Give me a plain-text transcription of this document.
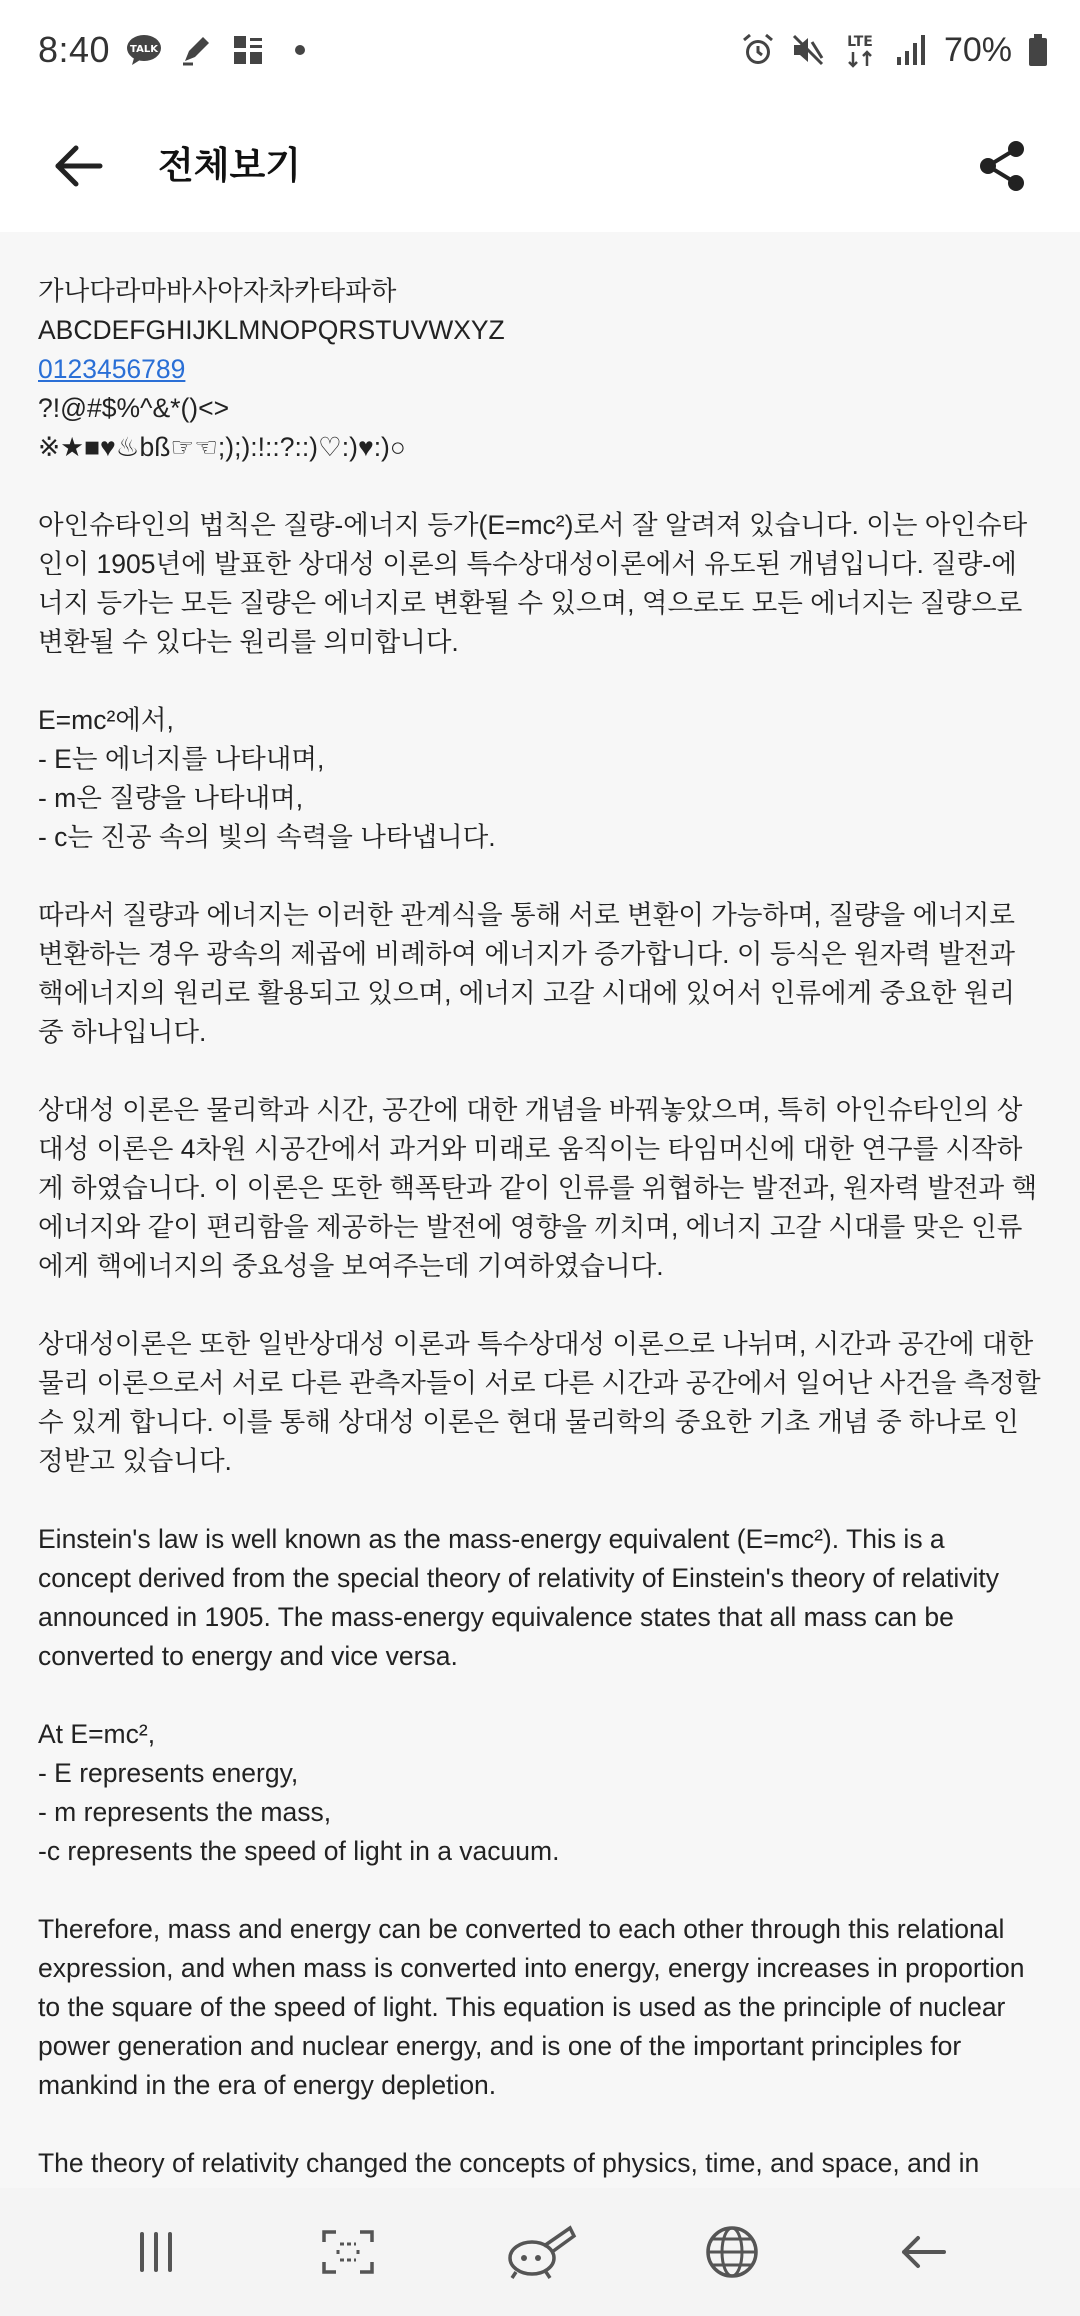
8:40 TALK	LTE 70%
전체보기
가나다라마바사아자차카타파하
ABCDEFGHIJKLMNOPQRSTUVWXYZ
0123456789
?!@#$%^&*()<>
※★■♥♨bß☞☜;);):!::?::)♡:)♥:)○

아인슈타인의 법칙은 질량-에너지 등가(E=mc²)로서 잘 알려져 있습니다. 이는 아인슈타인이 1905년에 발표한 상대성 이론의 특수상대성이론에서 유도된 개념입니다. 질량-에너지 등가는 모든 질량은 에너지로 변환될 수 있으며, 역으로도 모든 에너지는 질량으로 변환될 수 있다는 원리를 의미합니다.

E=mc²에서,
- E는 에너지를 나타내며,
- m은 질량을 나타내며,
- c는 진공 속의 빛의 속력을 나타냅니다.

따라서 질량과 에너지는 이러한 관계식을 통해 서로 변환이 가능하며, 질량을 에너지로 변환하는 경우 광속의 제곱에 비례하여 에너지가 증가합니다. 이 등식은 원자력 발전과 핵에너지의 원리로 활용되고 있으며, 에너지 고갈 시대에 있어서 인류에게 중요한 원리 중 하나입니다.

상대성 이론은 물리학과 시간, 공간에 대한 개념을 바꿔놓았으며, 특히 아인슈타인의 상대성 이론은 4차원 시공간에서 과거와 미래로 움직이는 타임머신에 대한 연구를 시작하게 하였습니다. 이 이론은 또한 핵폭탄과 같이 인류를 위협하는 발전과, 원자력 발전과 핵에너지와 같이 편리함을 제공하는 발전에 영향을 끼치며, 에너지 고갈 시대를 맞은 인류에게 핵에너지의 중요성을 보여주는데 기여하였습니다.

상대성이론은 또한 일반상대성 이론과 특수상대성 이론으로 나뉘며, 시간과 공간에 대한 물리 이론으로서 서로 다른 관측자들이 서로 다른 시간과 공간에서 일어난 사건을 측정할 수 있게 합니다. 이를 통해 상대성 이론은 현대 물리학의 중요한 기초 개념 중 하나로 인정받고 있습니다.

Einstein's law is well known as the mass-energy equivalent (E=mc²). This is a concept derived from the special theory of relativity of Einstein's theory of relativity announced in 1905. The mass-energy equivalence states that all mass can be converted to energy and vice versa.

At E=mc²,
- E represents energy,
- m represents the mass,
-c represents the speed of light in a vacuum.

Therefore, mass and energy can be converted to each other through this relational expression, and when mass is converted into energy, energy increases in proportion to the square of the speed of light. This equation is used as the principle of nuclear power generation and nuclear energy, and is one of the important principles for mankind in the era of energy depletion.

The theory of relativity changed the concepts of physics, time, and space, and in
